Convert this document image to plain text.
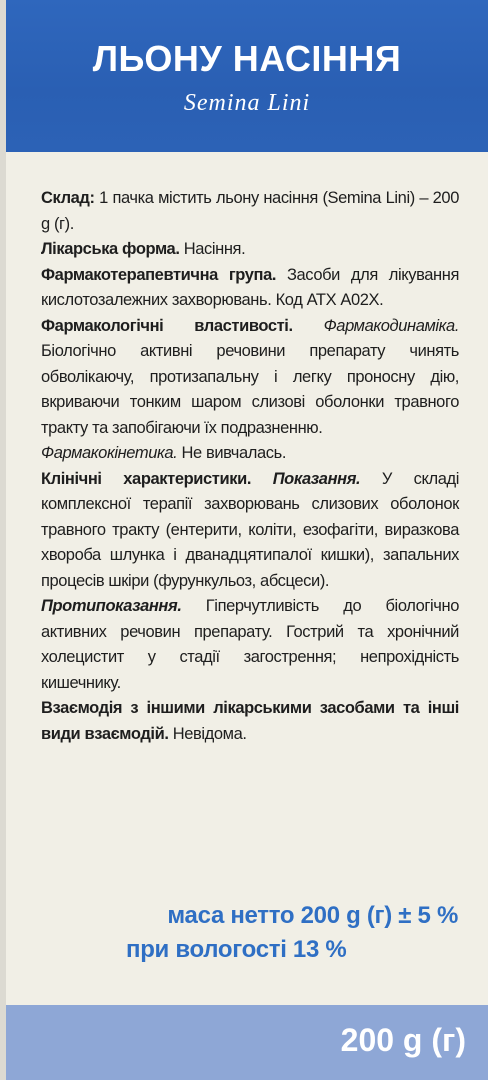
ЛЬОНУ НАСІННЯ
Semina Lini

Склад: 1 пачка містить льону насіння (Semina Lini) – 200 g (г).

Лікарська форма. Насіння.

Фармакотерапевтична група. Засоби для лікування кислотозалежних захворювань. Код АТХ А02Х.

Фармакологічні властивості. Фармакодинаміка. Біологічно активні речовини препарату чинять обволікаючу, протизапальну і легку проносну дію, вкриваючи тонким шаром слизові оболонки травного тракту та запобігаючи їх подразненню.

Фармакокінетика. Не вивчалась.

Клінічні характеристики. Показання. У складі комплексної терапії захворювань слизових оболонок травного тракту (ентерити, коліти, езофагіти, виразкова хвороба шлунка і дванадцятипалої кишки), запальних процесів шкіри (фурункульоз, абсцеси).

Протипоказання. Гіперчутливість до біологічно активних речовин препарату. Гострий та хронічний холецистит у стадії загострення; непрохідність кишечнику.

Взаємодія з іншими лікарськими засобами та інші види взаємодій. Невідома.

маса нетто 200 g (г) ± 5 %
при вологості 13 %
200 g (г)
